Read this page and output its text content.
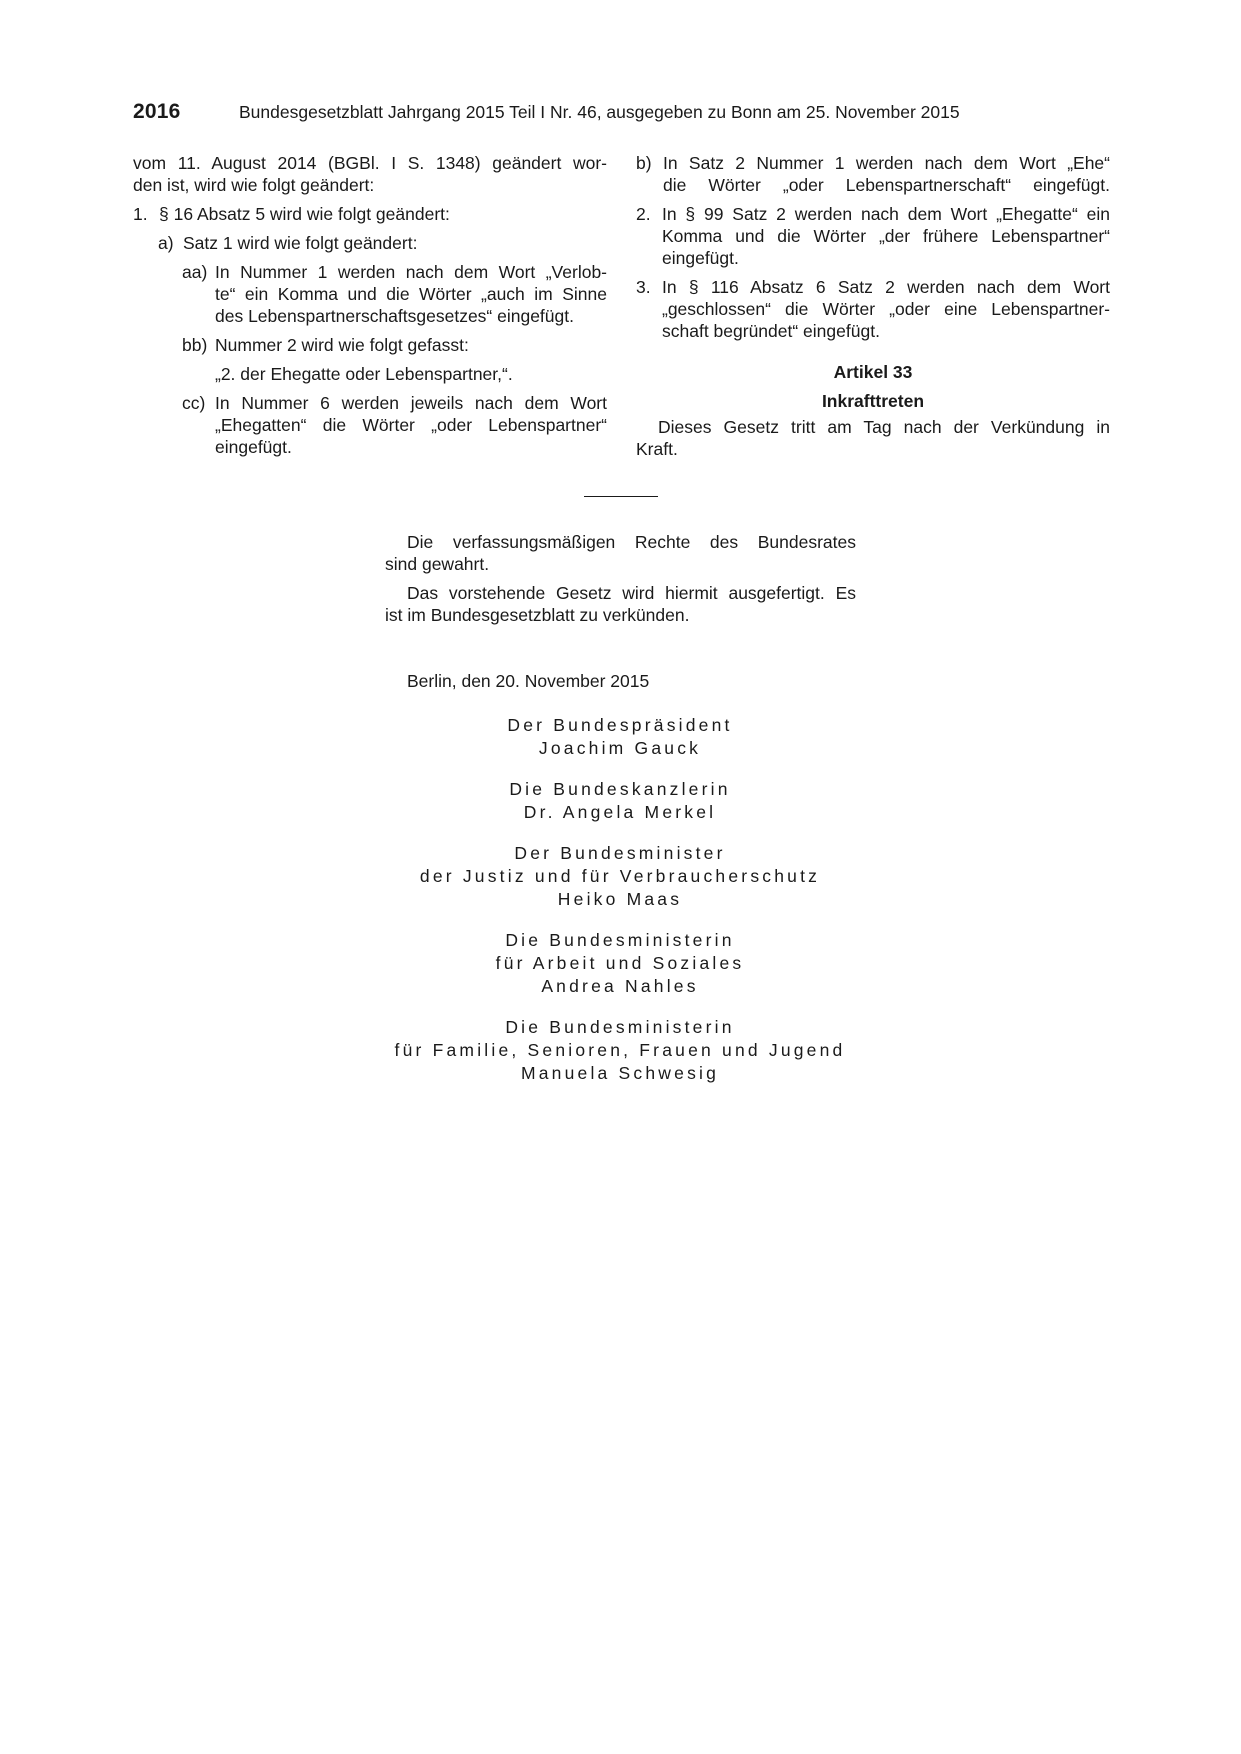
2016	Bundesgesetzblatt Jahrgang 2015 Teil I Nr. 46, ausgegeben zu Bonn am 25. November 2015

vom 11. August 2014 (BGBl. I S. 1348) geändert wor-

den ist, wird wie folgt geändert:

1. § 16 Absatz 5 wird wie folgt geändert:

a) Satz 1 wird wie folgt geändert:

aa) In Nummer 1 werden nach dem Wort „Verlob-

te“ ein Komma und die Wörter „auch im Sinne

des Lebenspartnerschaftsgesetzes“ eingefügt.

bb) Nummer 2 wird wie folgt gefasst:

„2. der Ehegatte oder Lebenspartner,“.

cc) In Nummer 6 werden jeweils nach dem Wort

„Ehegatten“ die Wörter „oder Lebenspartner“

eingefügt.

b) In Satz 2 Nummer 1 werden nach dem Wort „Ehe“

die Wörter „oder Lebenspartnerschaft“ eingefügt.

2. In § 99 Satz 2 werden nach dem Wort „Ehegatte“ ein

Komma und die Wörter „der frühere Lebenspartner“

eingefügt.

3. In § 116 Absatz 6 Satz 2 werden nach dem Wort

„geschlossen“ die Wörter „oder eine Lebenspartner-

schaft begründet“ eingefügt.

Artikel 33

Inkrafttreten

Dieses Gesetz tritt am Tag nach der Verkündung in

Kraft.

Die verfassungsmäßigen Rechte des Bundesrates

sind gewahrt.

Das vorstehende Gesetz wird hiermit ausgefertigt. Es

ist im Bundesgesetzblatt zu verkünden.

Berlin, den 20. November 2015

Der Bundespräsident
Joachim Gauck
Die Bundeskanzlerin
Dr. Angela Merkel
Der Bundesminister
der Justiz und für Verbraucherschutz
Heiko Maas
Die Bundesministerin
für Arbeit und Soziales
Andrea Nahles
Die Bundesministerin
für Familie, Senioren, Frauen und Jugend
Manuela Schwesig
